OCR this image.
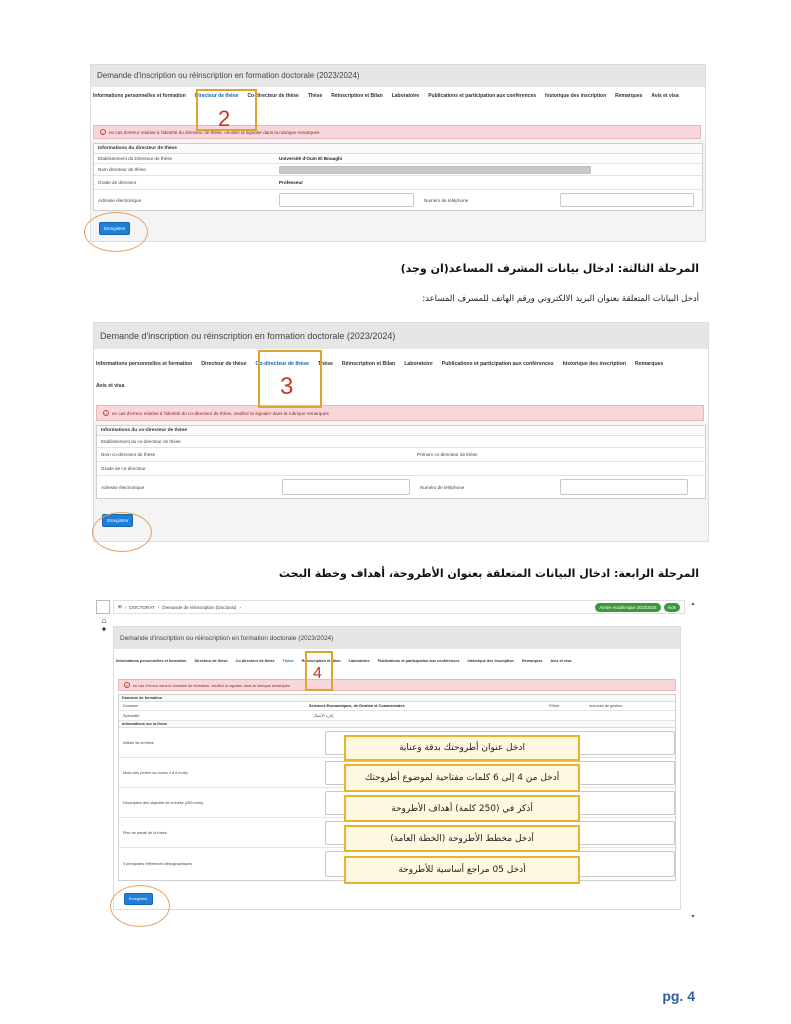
Demande d'inscription ou réinscription en formation doctorale (2023/2024)
Informations personnelles et formation Directeur de thèse Co-directeur de thèse Thèse Réinscription et Bilan Laboratoire Publications et participation aux conférences historique des inscription Remarques Avis et visa
× en cas d'erreur relative à l'identité du directeur de thèse, veuillez la signaler dans la rubrique remarques
Informations du directeur de thèse
Etablissement du Directeur de thèse	Université d'Oum El Bouaghi
Nom directeur de thèse
Grade de directeur	Professeur
Adresse électronique	Numéro de téléphone
Enregistrer
2
المرحلة الثالثة: ادخال بيانات المشرف المساعد(ان وجد)
أدخل البيانات المتعلقة بعنوان البريد الالكتروني ورقم الهاتف للمسرف المساعد:
Demande d'inscription ou réinscription en formation doctorale (2023/2024)
Informations personnelles et formation Directeur de thèse Co-directeur de thèse Thèse Réinscription et Bilan Laboratoire Publications et participation aux conférences historique des inscription Remarques
Avis et visa
× en cas d'erreur relative à l'identité du co-directeur de thèse, veuillez la signaler dans la rubrique remarques
Informations du co-directeur de thèse
Etablissement du co-directeur de thèse
Nom co-directeur de thèse	Prénom co-directeur de thèse
Grade de co-directeur
Adresse électronique	Numéro de téléphone
Enregistrer
3
المرحلة الرابعة: ادخال البيانات المتعلقة بعنوان الأطروحة، أهداف وخطة البحث
⌂
✦
▴
▾
⊞ › DOCTORAT › Demande de réinscription (Doctorat) ›	Année Académique 2023/2024	Aide
Demande d'inscription ou réinscription en formation doctorale (2023/2024)
Informations personnelles et formation Directeur de thèse Co-directeur de thèse Thèse Réinscription et Bilan Laboratoire Publications et participation aux conférences historique des inscription Remarques Avis et visa
× en cas d'erreur dans le domaine de formation, veuillez la signaler dans la rubrique remarques
Domaine de formation
Domaine	Sciences Economiques, de Gestion et Commerciales	Filière	sciences de gestion
Spécialité	إدارة الأعمال
Informations sur la thèse
Intitulé de la thèse
Mots clés (entrer au moins 4 à 6 mots)
Description des objectifs de la thèse (250 mots)
Plan de travail de la thèse
5 principales références bibliographiques
Enregistrer
4
ادخل عنوان أطروحتك بدقة وعناية
أدخل من 4 إلى 6 كلمات مفتاحية لموضوع أطروحتك
أذكر في (250 كلمة) أهداف الأطروحة
أدخل مخطط الأطروحة (الخطة العامة)
أدخل 05 مراجع أساسية للأطروحة
pg. 4
